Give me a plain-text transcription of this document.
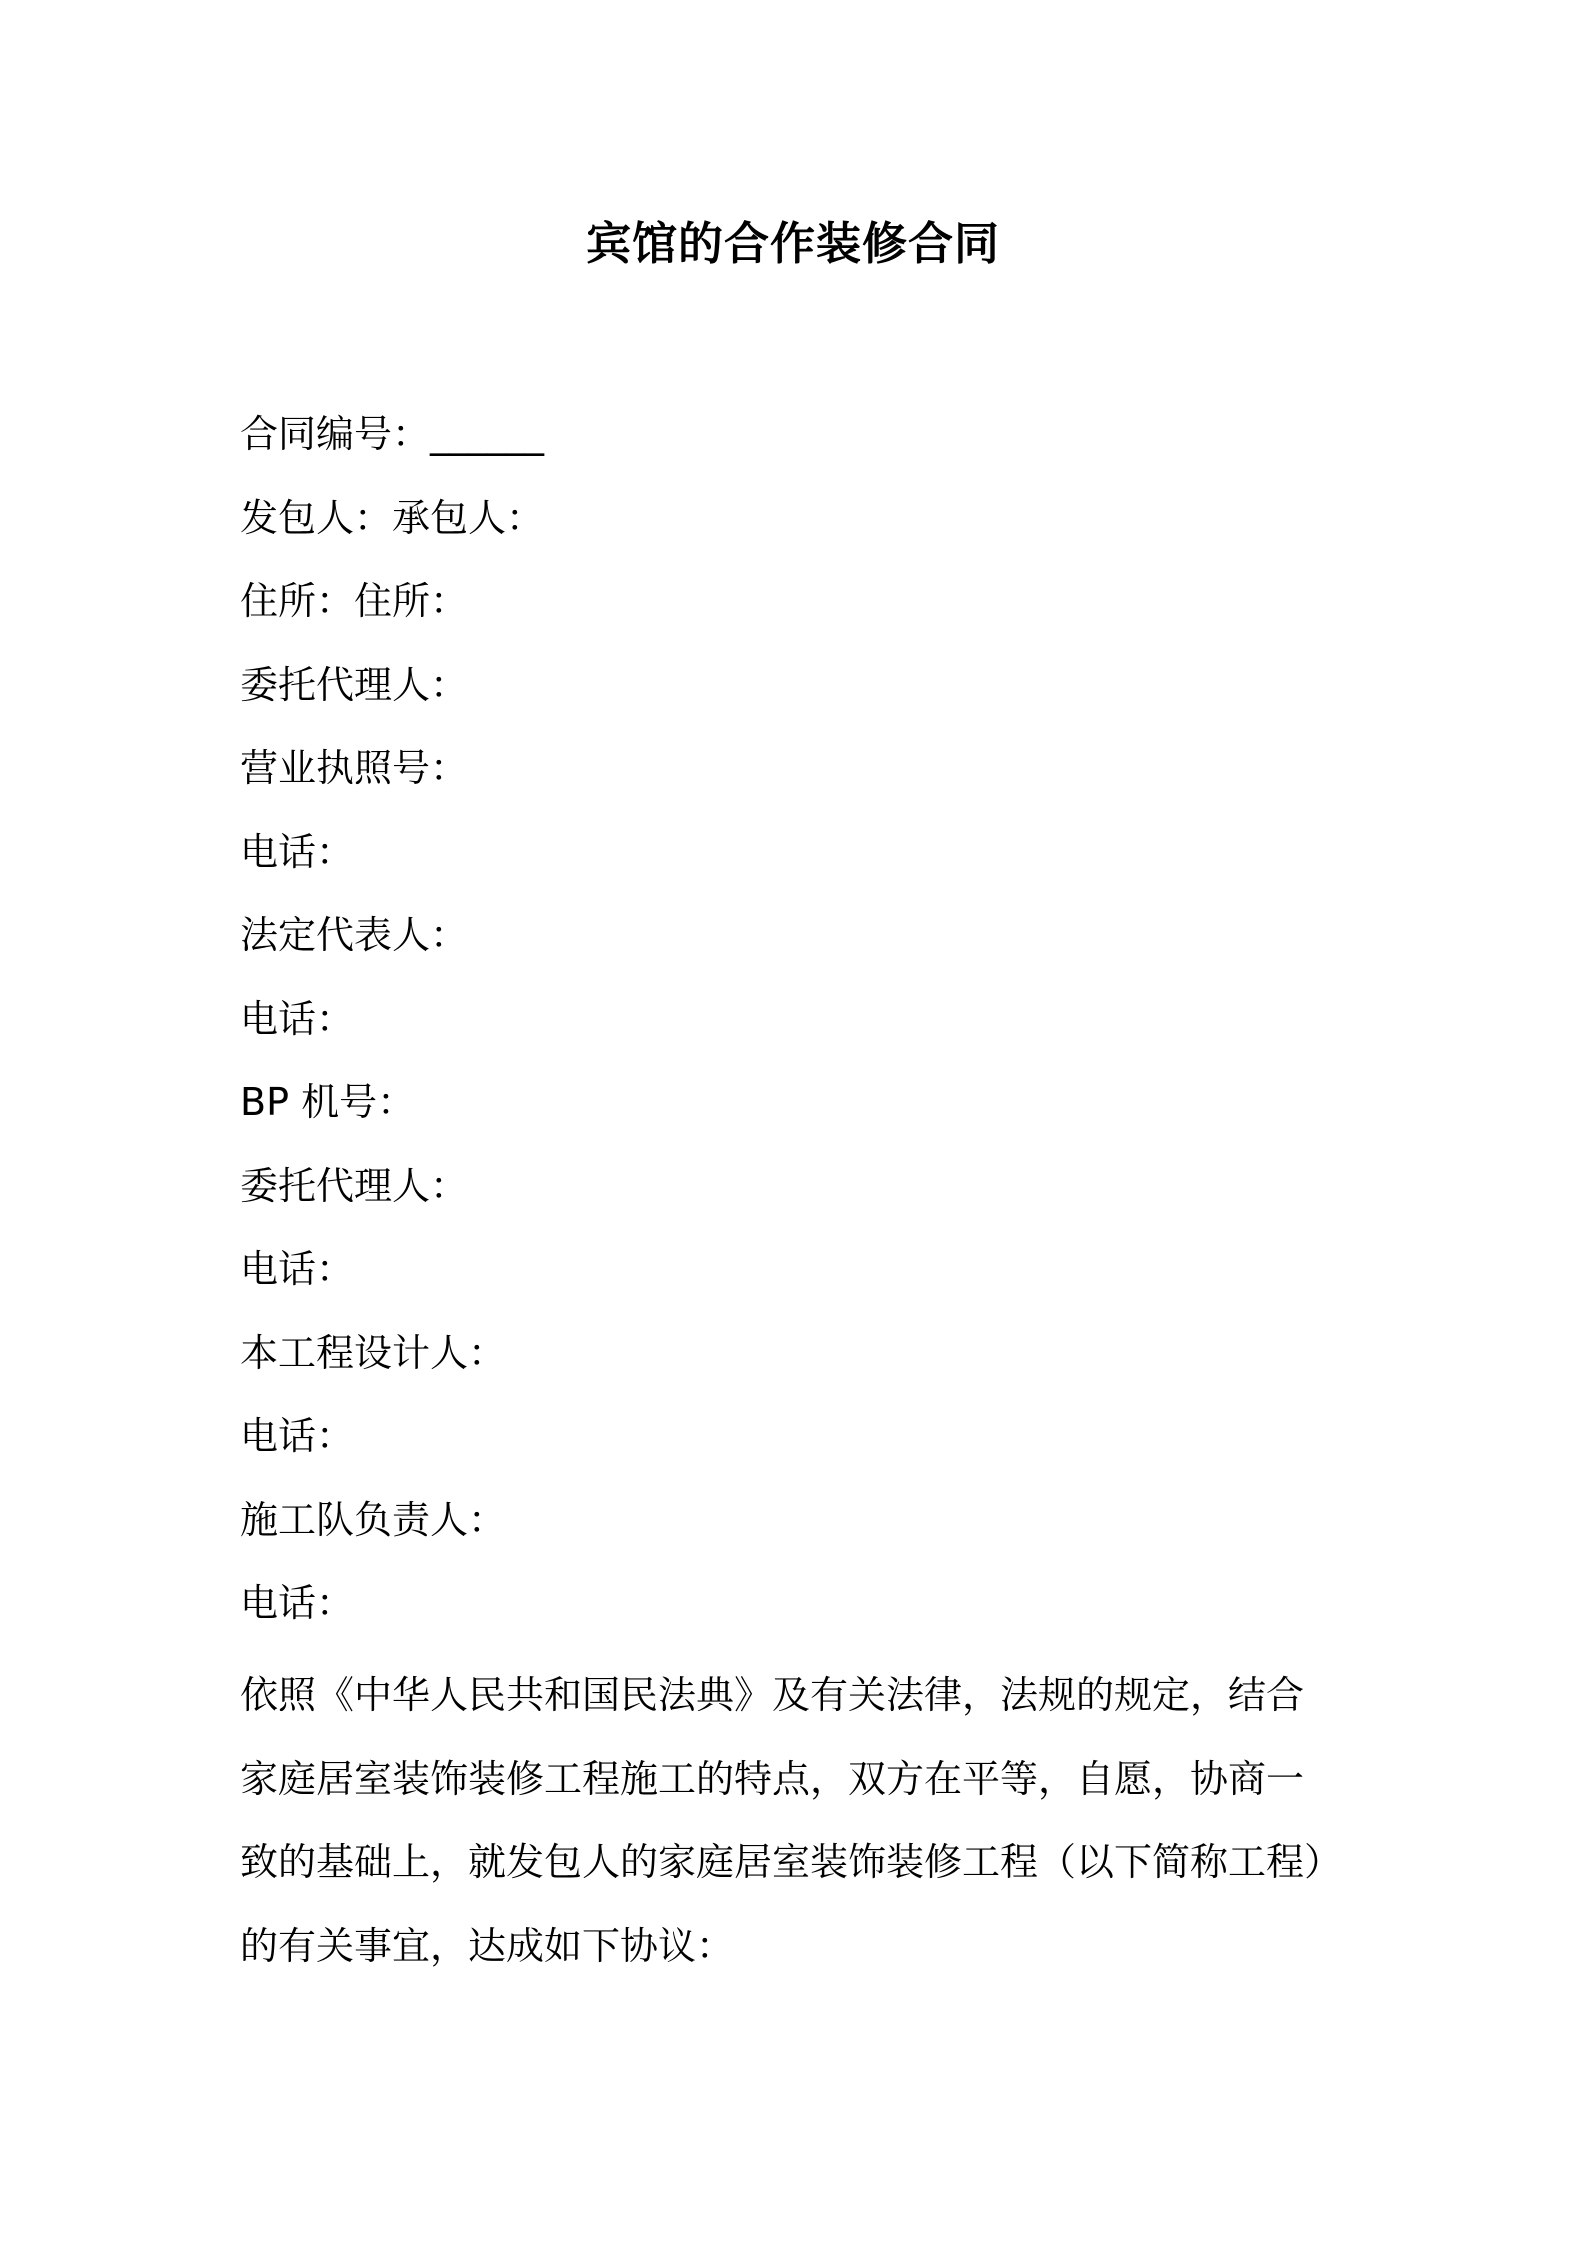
宾馆的合作装修合同
合同编号：______
发包人：承包人：
住所：住所：
委托代理人：
营业执照号：
电话：
法定代表人：
电话：
BP 机号：
委托代理人：
电话：
本工程设计人：
电话：
施工队负责人：
电话：
依照《中华人民共和国民法典》及有关法律，法规的规定，结合
家庭居室装饰装修工程施工的特点，双方在平等，自愿，协商一
致的基础上，就发包人的家庭居室装饰装修工程（以下简称工程）
的有关事宜，达成如下协议：
